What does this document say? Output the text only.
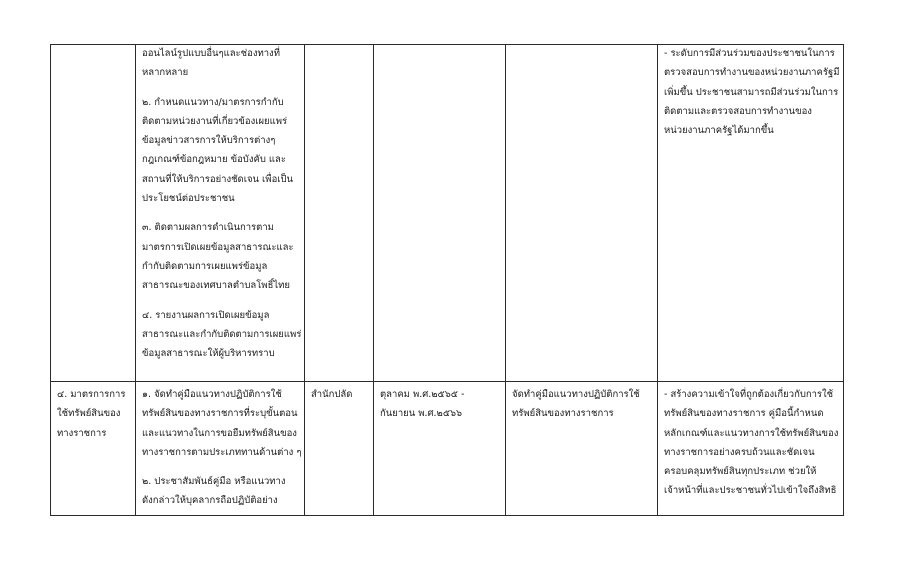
ออนไลน์รูปแบบอื่นๆและช่องทางที่
หลากหลาย

๒. กำหนดแนวทาง/มาตรการกำกับ
ติดตามหน่วยงานที่เกี่ยวข้องเผยแพร่
ข้อมูลข่าวสารการให้บริการต่างๆ
กฎเกณฑ์ข้อกฎหมาย ข้อบังคับ และ
สถานที่ให้บริการอย่างชัดเจน เพื่อเป็น
ประโยชน์ต่อประชาชน

๓. ติดตามผลการดำเนินการตาม
มาตรการเปิดเผยข้อมูลสาธารณะและ
กำกับติดตามการเผยแพร่ข้อมูล
สาธารณะของเทศบาลตำบลโพธิ์ไทย

๔. รายงานผลการเปิดเผยข้อมูล
สาธารณะและกำกับติดตามการเผยแพร่
ข้อมูลสาธารณะให้ผู้บริหารทราบ

- ระดับการมีส่วนร่วมของประชาชนในการ
ตรวจสอบการทำงานของหน่วยงานภาครัฐมี
เพิ่มขึ้น ประชาชนสามารถมีส่วนร่วมในการ
ติดตามและตรวจสอบการทำงานของ
หน่วยงานภาครัฐได้มากขึ้น
๔. มาตรการการ
ใช้ทรัพย์สินของ
ทางราชการ

๑. จัดทำคู่มือแนวทางปฏิบัติการใช้
ทรัพย์สินของทางราชการที่ระบุขั้นตอน
และแนวทางในการขอยืมทรัพย์สินของ
ทางราชการตามประเภททานด้านต่าง ๆ

๒. ประชาสัมพันธ์คู่มือ หรือแนวทาง
ดังกล่าวให้บุคลากรถือปฏิบัติอย่าง

สำนักปลัด	ตุลาคม พ.ศ.๒๕๖๕ -
กันยายน พ.ศ.๒๕๖๖
จัดทำคู่มือแนวทางปฏิบัติการใช้
ทรัพย์สินของทางราชการ
- สร้างความเข้าใจที่ถูกต้องเกี่ยวกับการใช้
ทรัพย์สินของทางราชการ คู่มือนี้กำหนด
หลักเกณฑ์และแนวทางการใช้ทรัพย์สินของ
ทางราชการอย่างครบถ้วนและชัดเจน
ครอบคลุมทรัพย์สินทุกประเภท ช่วยให้
เจ้าหน้าที่และประชาชนทั่วไปเข้าใจถึงสิทธิ
